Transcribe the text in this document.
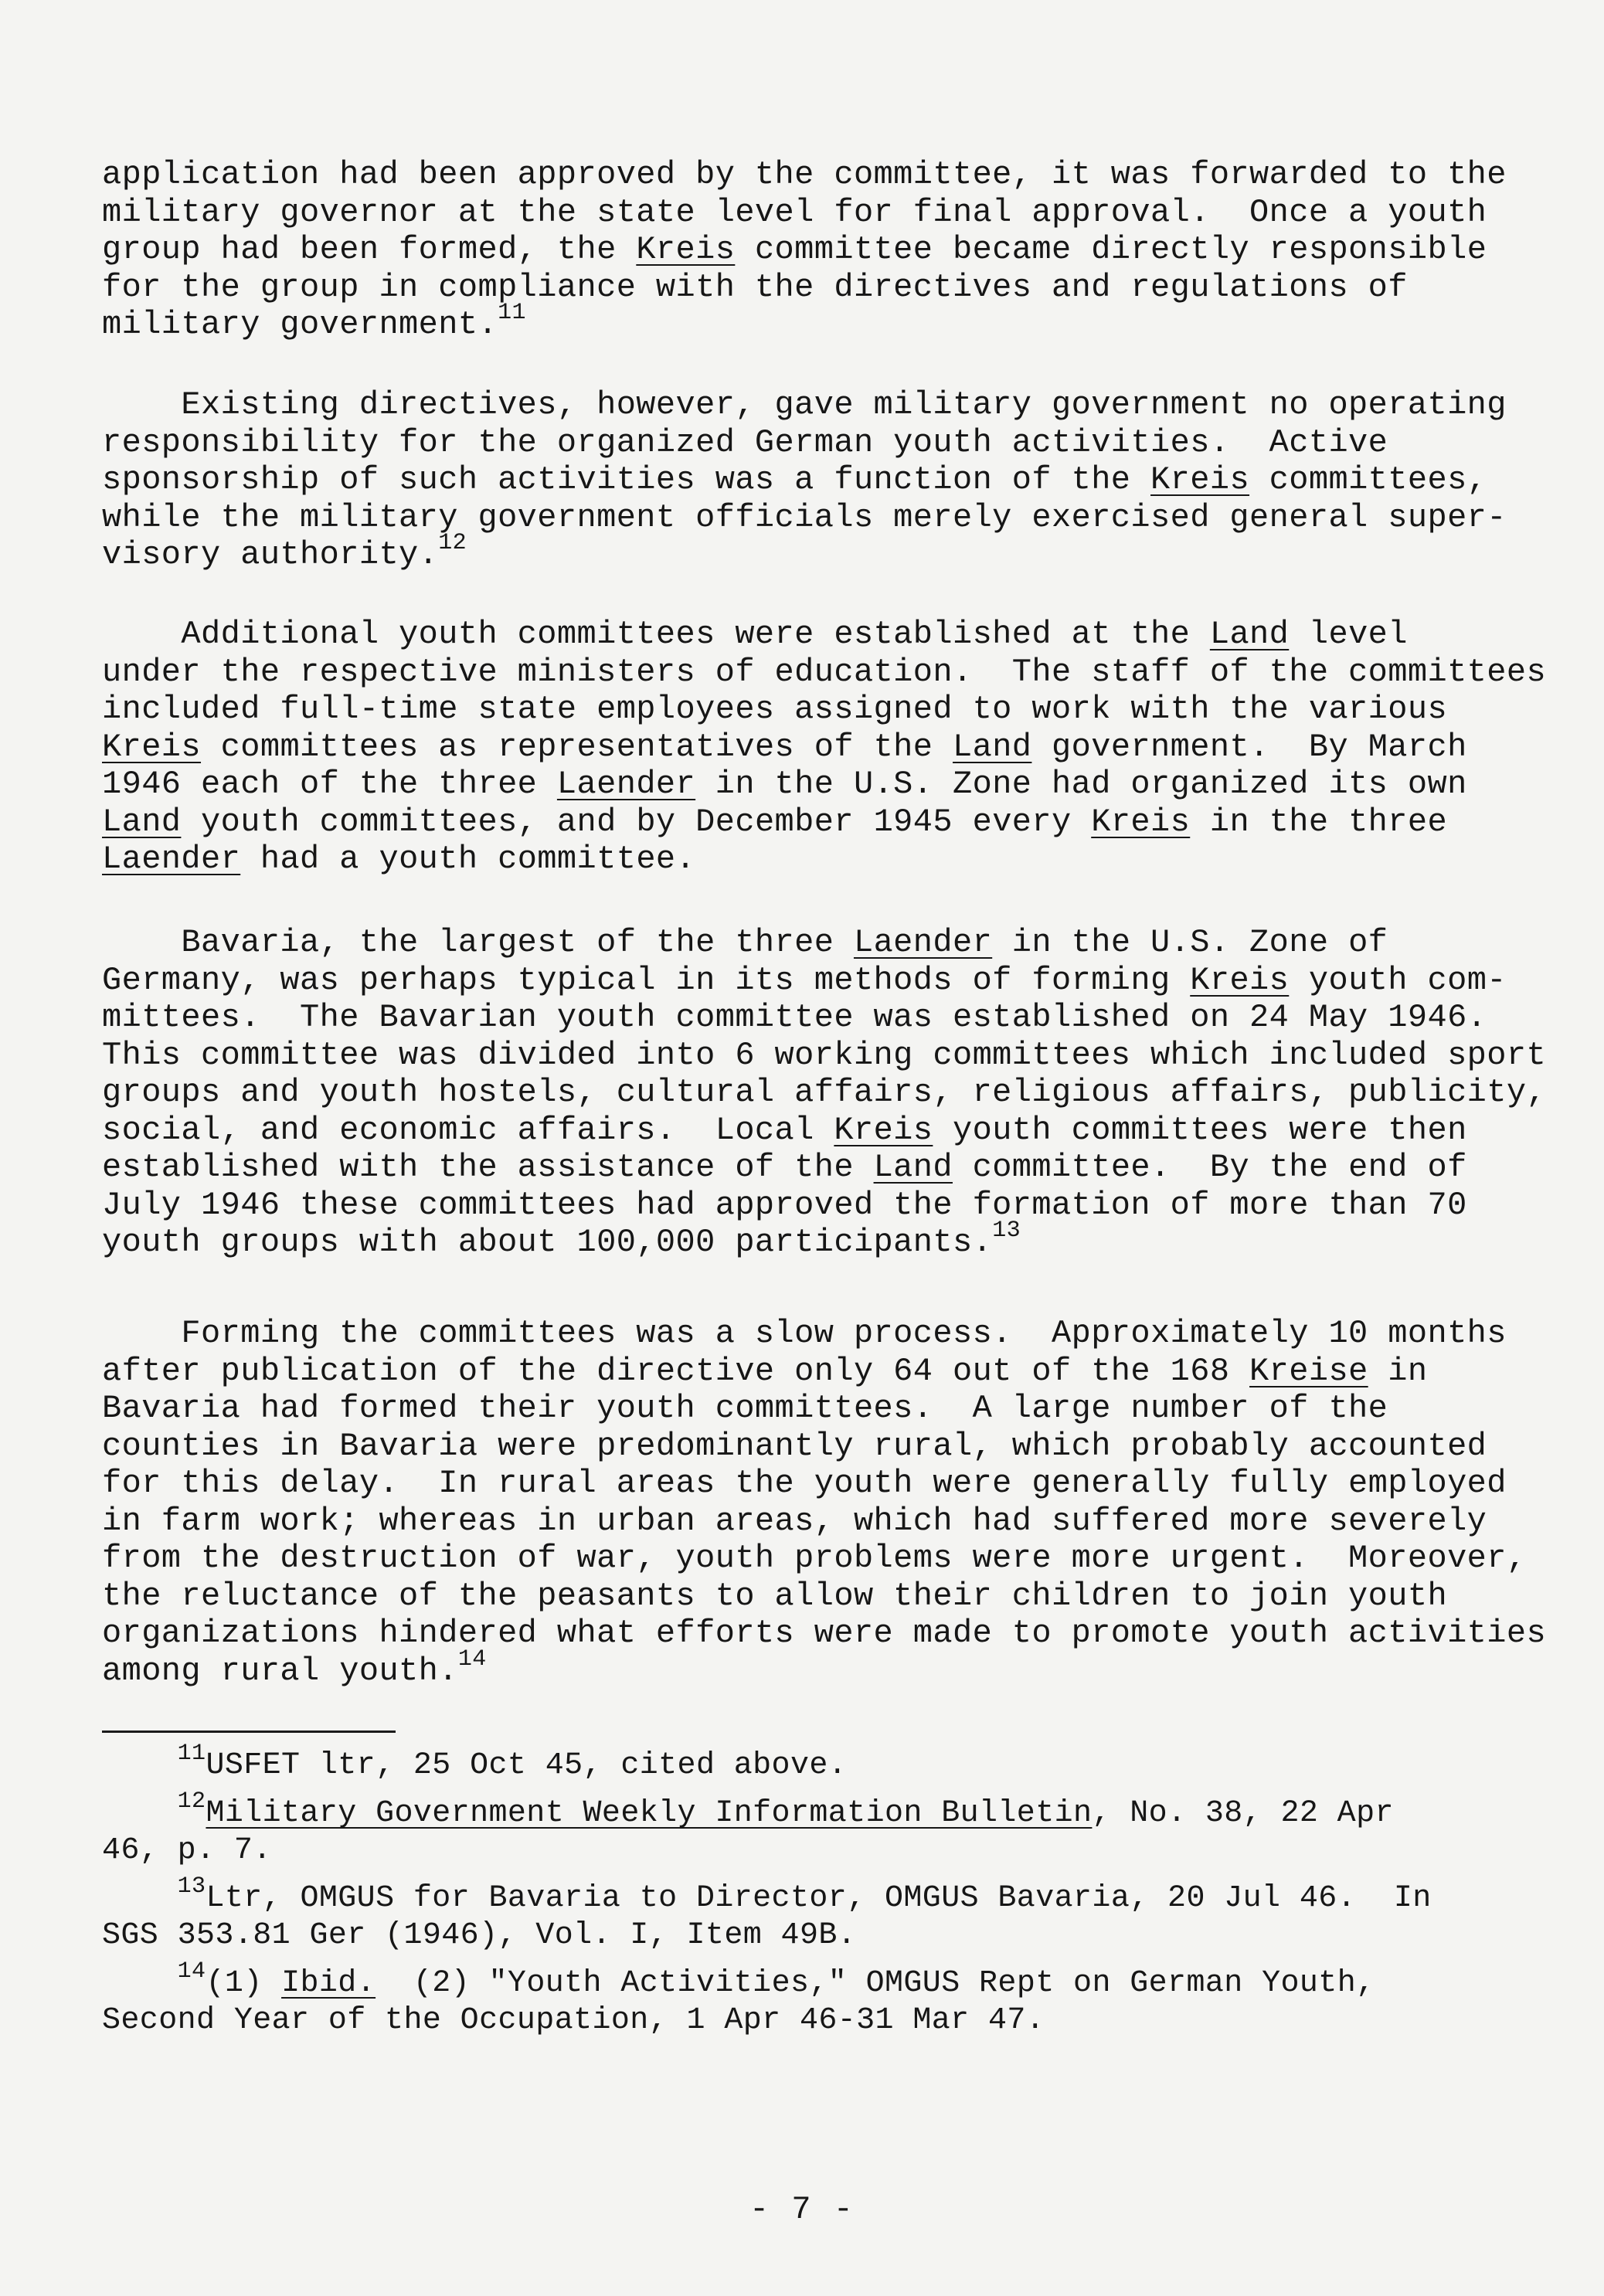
application had been approved by the committee, it was forwarded to the
military governor at the state level for final approval.  Once a youth
group had been formed, the Kreis committee became directly responsible
for the group in compliance with the directives and regulations of
military government.$^{11}$
Existing directives, however, gave military government no operating
responsibility for the organized German youth activities.  Active
sponsorship of such activities was a function of the Kreis committees,
while the military government officials merely exercised general super-
visory authority.$^{12}$
Additional youth committees were established at the Land level
under the respective ministers of education.  The staff of the committees
included full-time state employees assigned to work with the various
Kreis committees as representatives of the Land government.  By March
1946 each of the three Laender in the U.S. Zone had organized its own
Land youth committees, and by December 1945 every Kreis in the three
Laender had a youth committee.
Bavaria, the largest of the three Laender in the U.S. Zone of
Germany, was perhaps typical in its methods of forming Kreis youth com-
mittees.  The Bavarian youth committee was established on 24 May 1946.
This committee was divided into 6 working committees which included sport
groups and youth hostels, cultural affairs, religious affairs, publicity,
social, and economic affairs.  Local Kreis youth committees were then
established with the assistance of the Land committee.  By the end of
July 1946 these committees had approved the formation of more than 70
youth groups with about 100,000 participants.$^{13}$
Forming the committees was a slow process.  Approximately 10 months
after publication of the directive only 64 out of the 168 Kreise in
Bavaria had formed their youth committees.  A large number of the
counties in Bavaria were predominantly rural, which probably accounted
for this delay.  In rural areas the youth were generally fully employed
in farm work; whereas in urban areas, which had suffered more severely
from the destruction of war, youth problems were more urgent.  Moreover,
the reluctance of the peasants to allow their children to join youth
organizations hindered what efforts were made to promote youth activities
among rural youth.$^{14}$
$^{11}$USFET ltr, 25 Oct 45, cited above.
$^{12}$Military Government Weekly Information Bulletin, No. 38, 22 Apr
46, p. 7.
$^{13}$Ltr, OMGUS for Bavaria to Director, OMGUS Bavaria, 20 Jul 46.  In
SGS 353.81 Ger (1946), Vol. I, Item 49B.
$^{14}$(1) Ibid.  (2) "Youth Activities," OMGUS Rept on German Youth,
Second Year of the Occupation, 1 Apr 46-31 Mar 47.
- 7 -
